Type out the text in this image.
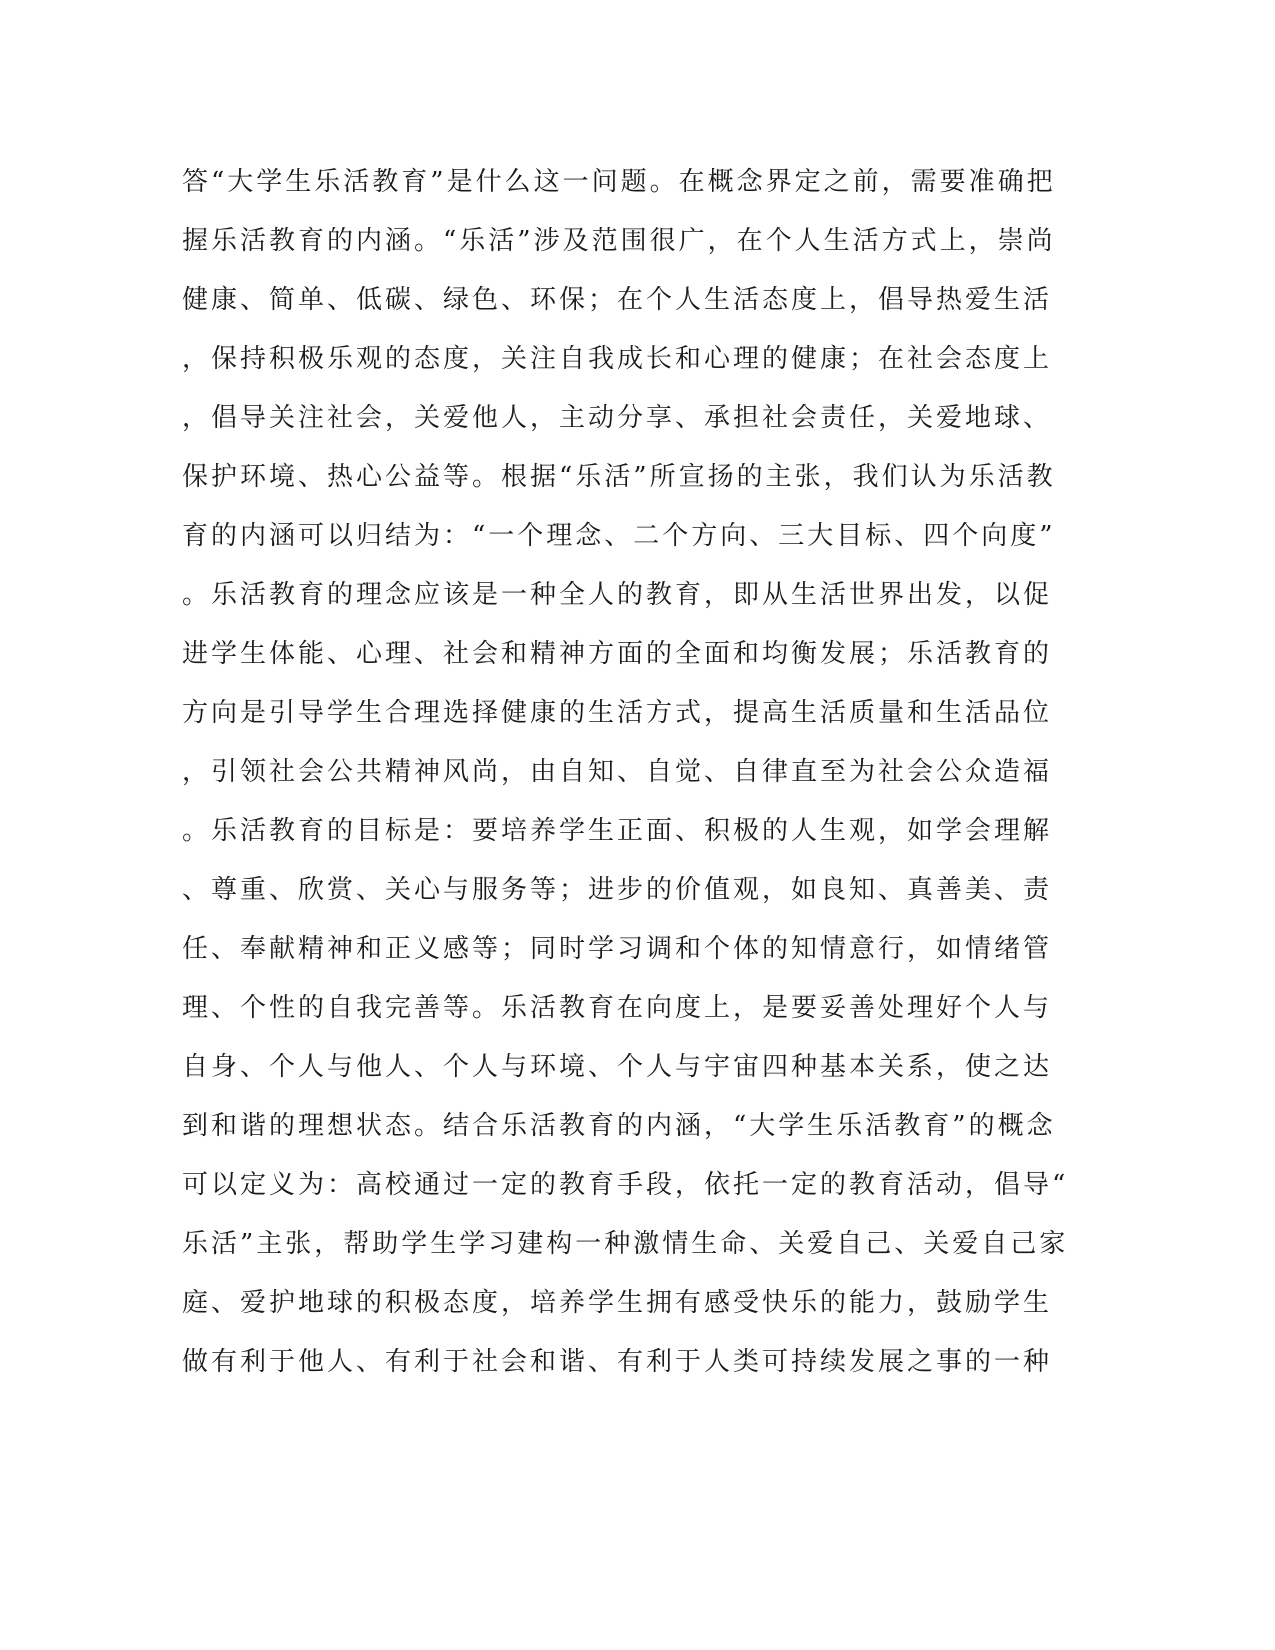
答“大学生乐活教育”是什么这一问题。在概念界定之前，需要准确把
握乐活教育的内涵。“乐活”涉及范围很广，在个人生活方式上，崇尚
健康、简单、低碳、绿色、环保；在个人生活态度上，倡导热爱生活
，保持积极乐观的态度，关注自我成长和心理的健康；在社会态度上
，倡导关注社会，关爱他人，主动分享、承担社会责任，关爱地球、
保护环境、热心公益等。根据“乐活”所宣扬的主张，我们认为乐活教
育的内涵可以归结为：“一个理念、二个方向、三大目标、四个向度”
。乐活教育的理念应该是一种全人的教育，即从生活世界出发，以促
进学生体能、心理、社会和精神方面的全面和均衡发展；乐活教育的
方向是引导学生合理选择健康的生活方式，提高生活质量和生活品位
，引领社会公共精神风尚，由自知、自觉、自律直至为社会公众造福
。乐活教育的目标是：要培养学生正面、积极的人生观，如学会理解
、尊重、欣赏、关心与服务等；进步的价值观，如良知、真善美、责
任、奉献精神和正义感等；同时学习调和个体的知情意行，如情绪管
理、个性的自我完善等。乐活教育在向度上，是要妥善处理好个人与
自身、个人与他人、个人与环境、个人与宇宙四种基本关系，使之达
到和谐的理想状态。结合乐活教育的内涵，“大学生乐活教育”的概念
可以定义为：高校通过一定的教育手段，依托一定的教育活动，倡导“
乐活”主张，帮助学生学习建构一种激情生命、关爱自己、关爱自己家
庭、爱护地球的积极态度，培养学生拥有感受快乐的能力，鼓励学生
做有利于他人、有利于社会和谐、有利于人类可持续发展之事的一种
